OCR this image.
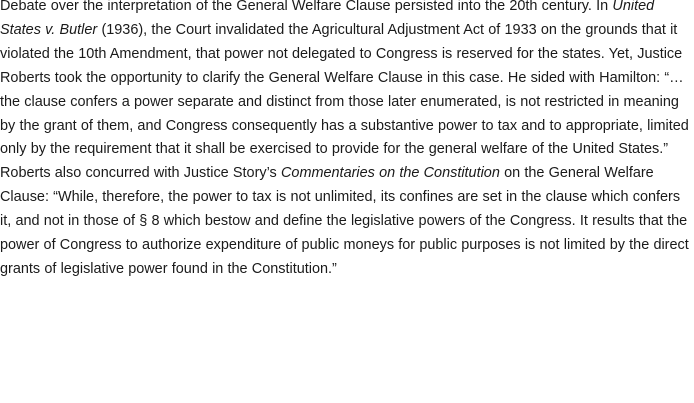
Debate over the interpretation of the General Welfare Clause persisted into the 20th century. In United States v. Butler (1936), the Court invalidated the Agricultural Adjustment Act of 1933 on the grounds that it violated the 10th Amendment, that power not delegated to Congress is reserved for the states. Yet, Justice Roberts took the opportunity to clarify the General Welfare Clause in this case. He sided with Hamilton: “…the clause confers a power separate and distinct from those later enumerated, is not restricted in meaning by the grant of them, and Congress consequently has a substantive power to tax and to appropriate, limited only by the requirement that it shall be exercised to provide for the general welfare of the United States.” Roberts also concurred with Justice Story’s Commentaries on the Constitution on the General Welfare Clause: “While, therefore, the power to tax is not unlimited, its confines are set in the clause which confers it, and not in those of § 8 which bestow and define the legislative powers of the Congress. It results that the power of Congress to authorize expenditure of public moneys for public purposes is not limited by the direct grants of legislative power found in the Constitution.”
